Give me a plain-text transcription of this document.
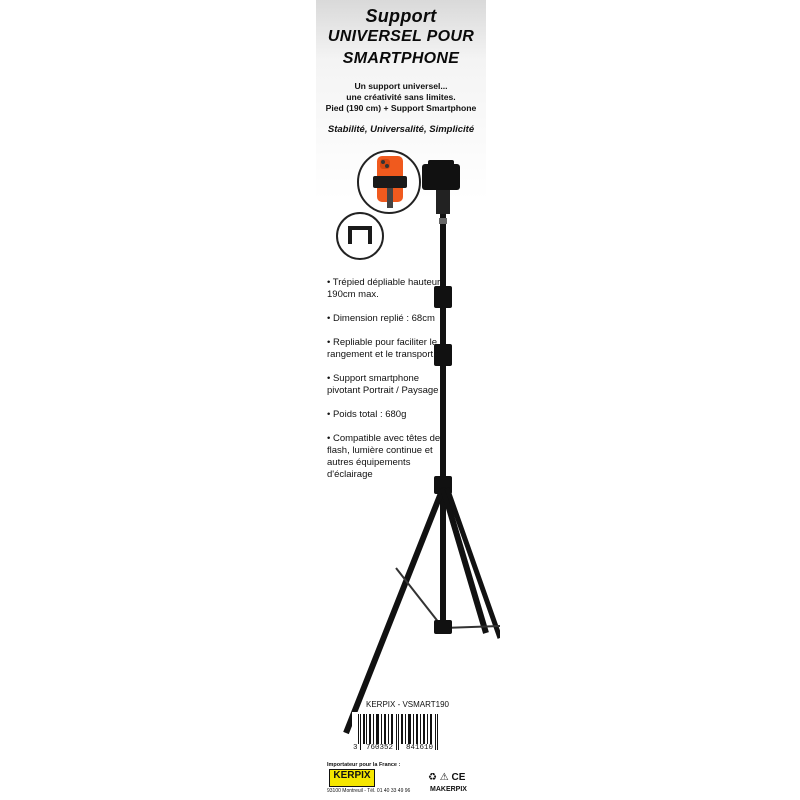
Support
UNIVERSEL POUR
SMARTPHONE
Un support universel...
une créativité sans limites.
Pied (190 cm) + Support Smartphone
Stabilité, Universalité, Simplicité
• Trépied dépliable hauteur 190cm max.
• Dimension replié : 68cm
• Repliable pour faciliter le rangement et le transport
• Support smartphone pivotant Portrait / Paysage
• Poids total : 680g
• Compatible avec têtes de flash, lumière continue et autres équipements d'éclairage
KERPIX - VSMART190
3 760352 841610
Importateur pour la France :
KERPIX
93100 Montreuil - Tél. 01 40 33 49 96
♻ ⚠ CE
MAKERPIX
